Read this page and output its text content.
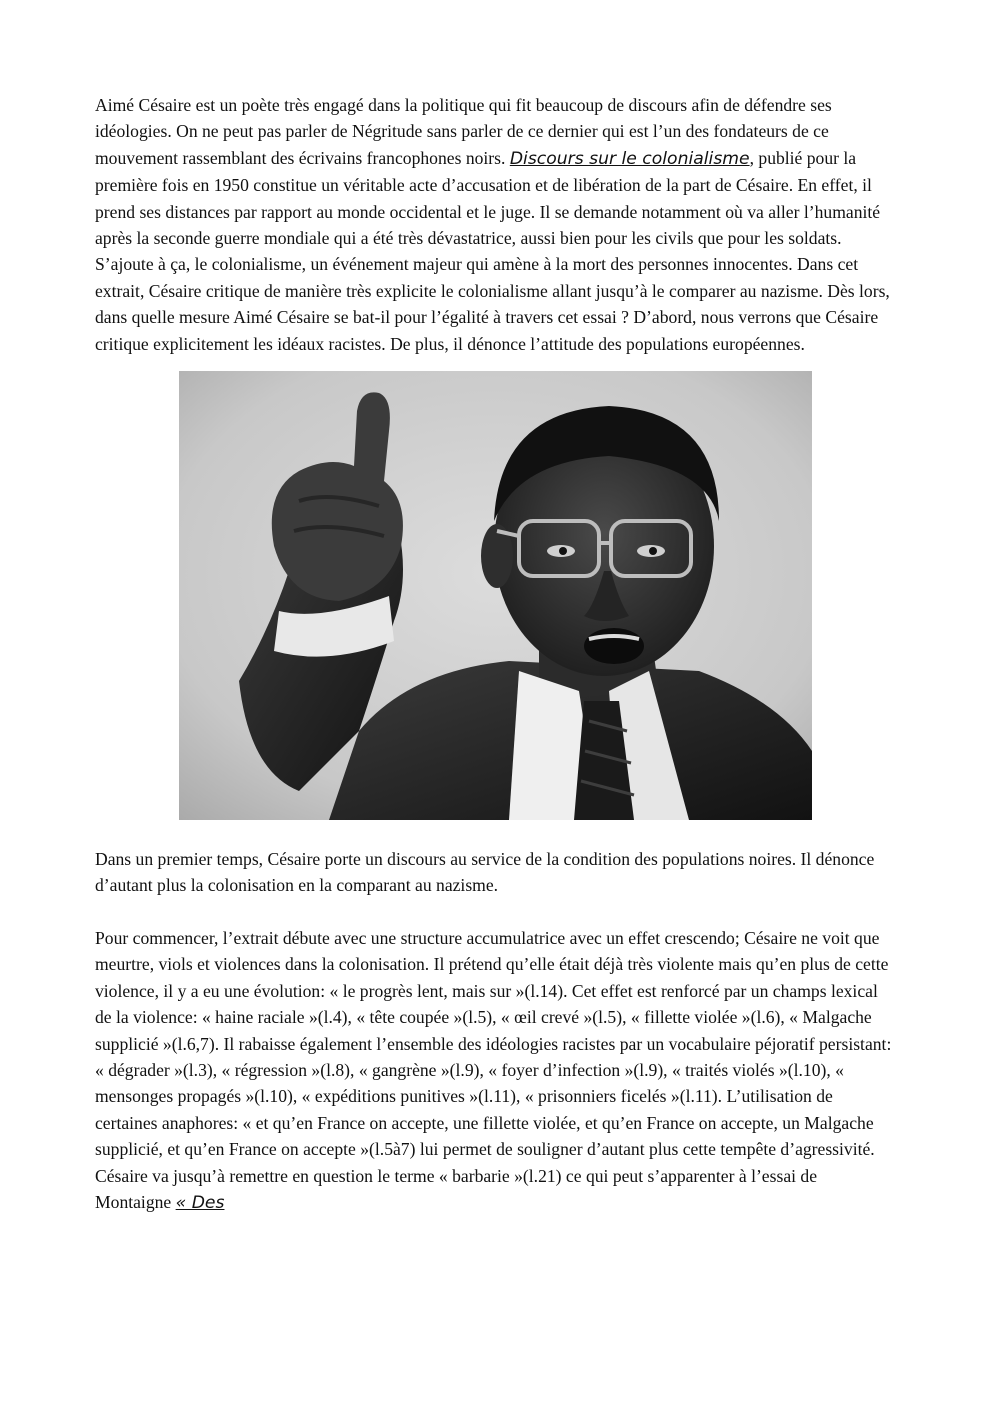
Aimé Césaire est un poète très engagé dans la politique qui fit beaucoup de discours afin de défendre ses idéologies. On ne peut pas parler de Négritude sans parler de ce dernier qui est l’un des fondateurs de ce mouvement rassemblant des écrivains francophones noirs. Discours sur le colonialisme, publié pour la première fois en 1950 constitue un véritable acte d’accusation et de libération de la part de Césaire. En effet, il prend ses distances par rapport au monde occidental et le juge. Il se demande notamment où va aller l’humanité après la seconde guerre mondiale qui a été très dévastatrice, aussi bien pour les civils que pour les soldats. S’ajoute à ça, le colonialisme, un événement majeur qui amène à la mort des personnes innocentes. Dans cet extrait, Césaire critique de manière très explicite le colonialisme allant jusqu’à le comparer au nazisme. Dès lors, dans quelle mesure Aimé Césaire se bat-il pour l’égalité à travers cet essai ? D’abord, nous verrons que Césaire critique explicitement les idéaux racistes. De plus, il dénonce l’attitude des populations européennes.

Dans un premier temps, Césaire porte un discours au service de la condition des populations noires. Il dénonce d’autant plus la colonisation en la comparant au nazisme.

Pour commencer, l’extrait débute avec une structure accumulatrice avec un effet crescendo; Césaire ne voit que meurtre, viols et violences dans la colonisation. Il prétend qu’elle était déjà très violente mais qu’en plus de cette violence, il y a eu une évolution: « le progrès lent, mais sur »(l.14). Cet effet est renforcé par un champs lexical de la violence: « haine raciale »(l.4), « tête coupée »(l.5), « œil crevé »(l.5), « fillette violée »(l.6), « Malgache supplicié »(l.6,7). Il rabaisse également l’ensemble des idéologies racistes par un vocabulaire péjoratif persistant: « dégrader »(l.3), « régression »(l.8), « gangrène »(l.9), « foyer d’infection »(l.9), « traités violés »(l.10), « mensonges propagés »(l.10), « expéditions punitives »(l.11), « prisonniers ficelés »(l.11). L’utilisation de certaines anaphores: « et qu’en France on accepte, une fillette violée, et qu’en France on accepte, un Malgache supplicié, et qu’en France on accepte »(l.5à7) lui permet de souligner d’autant plus cette tempête d’agressivité. Césaire va jusqu’à remettre en question le terme « barbarie »(l.21) ce qui peut s’apparenter à l’essai de Montaigne « Des
